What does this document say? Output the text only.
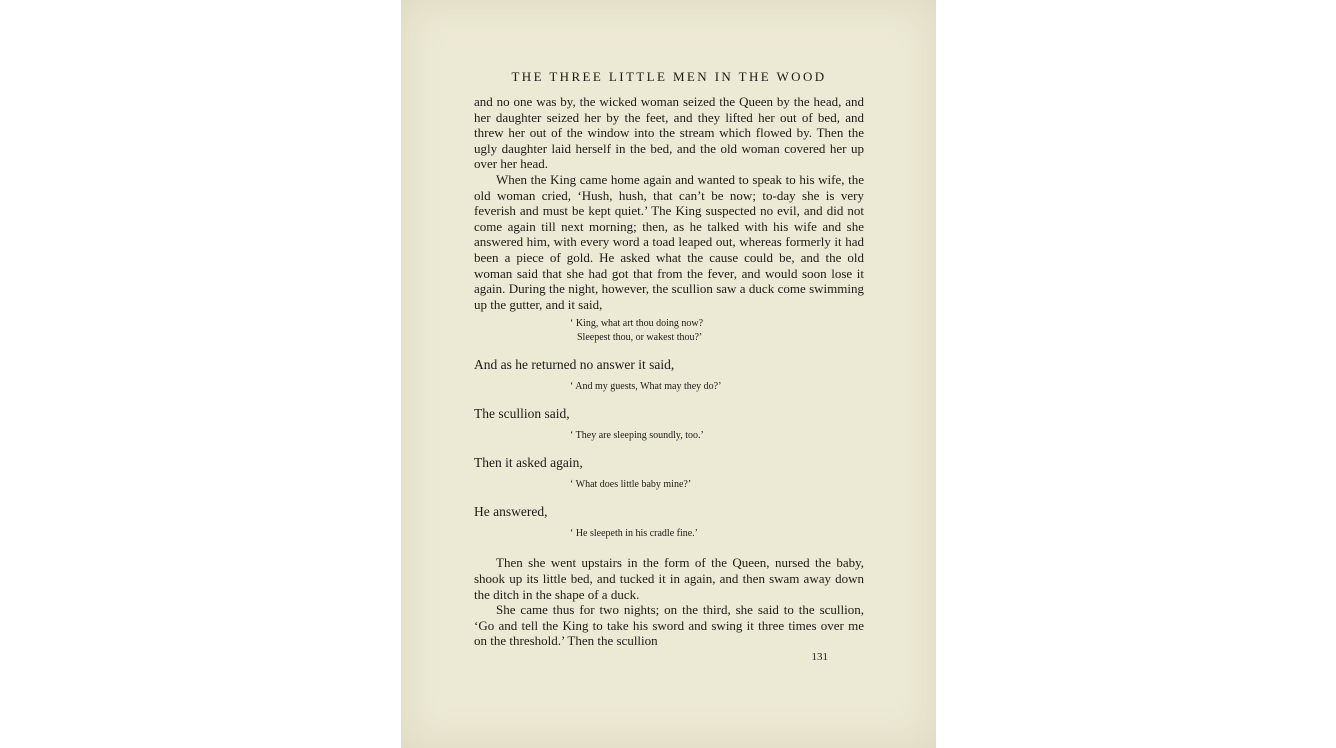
THE THREE LITTLE MEN IN THE WOOD

and no one was by, the wicked woman seized the Queen by the head, and her daughter seized her by the feet, and they lifted her out of bed, and threw her out of the window into the stream which flowed by. Then the ugly daughter laid herself in the bed, and the old woman covered her up over her head.

When the King came home again and wanted to speak to his wife, the old woman cried, ‘Hush, hush, that can’t be now; to-day she is very feverish and must be kept quiet.’ The King suspected no evil, and did not come again till next morning; then, as he talked with his wife and she answered him, with every word a toad leaped out, whereas formerly it had been a piece of gold. He asked what the cause could be, and the old woman said that she had got that from the fever, and would soon lose it again. During the night, however, the scullion saw a duck come swimming up the gutter, and it said,

‘ King, what art thou doing now?

Sleepest thou, or wakest thou?’

And as he returned no answer it said,

‘ And my guests, What may they do?’

The scullion said,

‘ They are sleeping soundly, too.’

Then it asked again,

‘ What does little baby mine?’

He answered,

‘ He sleepeth in his cradle fine.’

Then she went upstairs in the form of the Queen, nursed the baby, shook up its little bed, and tucked it in again, and then swam away down the ditch in the shape of a duck.

She came thus for two nights; on the third, she said to the scullion, ‘Go and tell the King to take his sword and swing it three times over me on the threshold.’ Then the scullion

131
